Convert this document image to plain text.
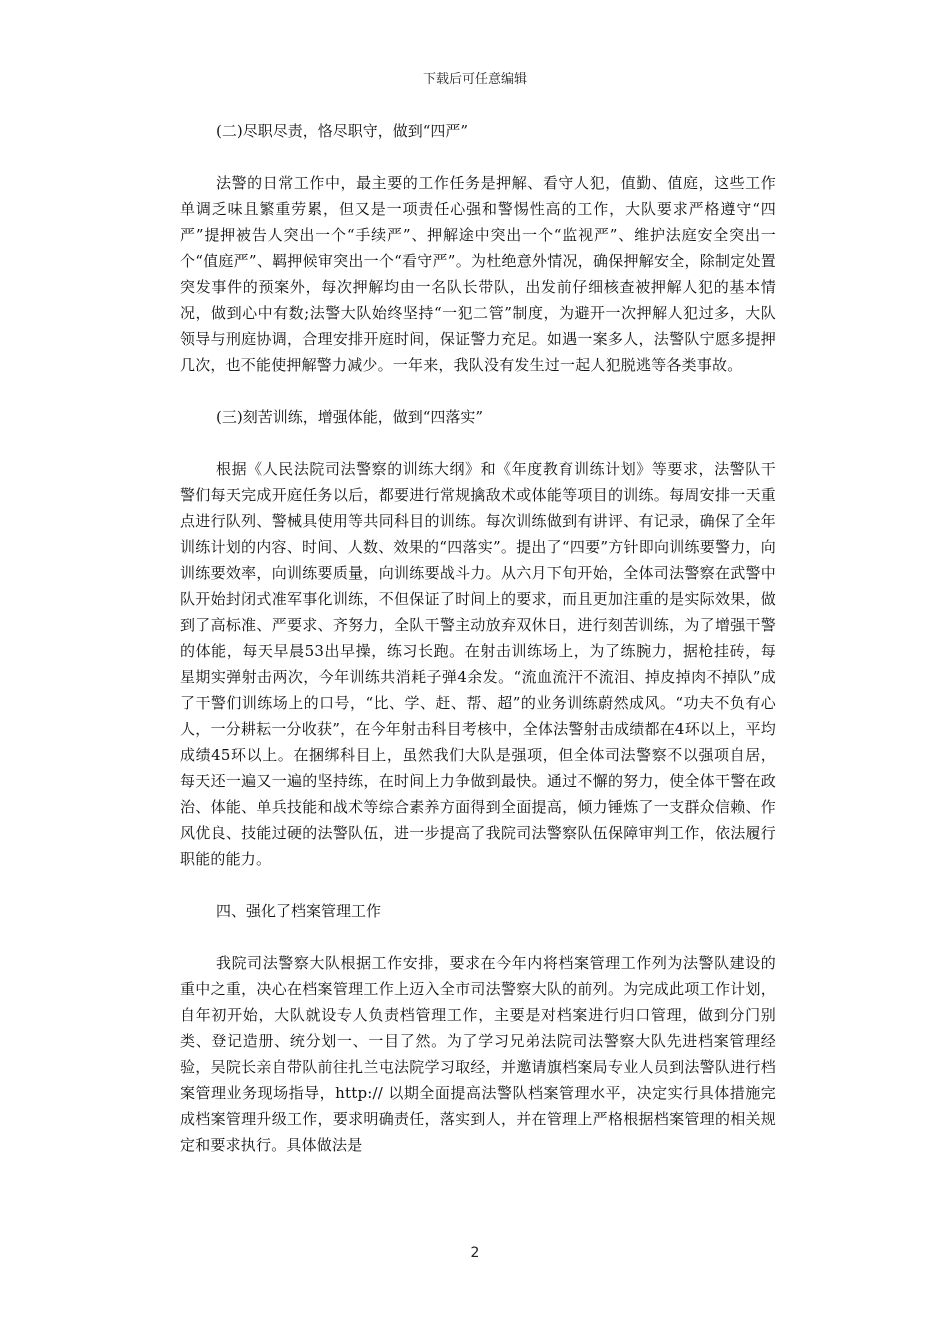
下载后可任意编辑
(二)尽职尽责，恪尽职守，做到“四严”
法警的日常工作中，最主要的工作任务是押解、看守人犯，值勤、值庭，这些工作单调乏味且繁重劳累，但又是一项责任心强和警惕性高的工作，大队要求严格遵守“四严”提押被告人突出一个“手续严”、押解途中突出一个“监视严”、维护法庭安全突出一个“值庭严”、羁押候审突出一个“看守严”。为杜绝意外情况，确保押解安全，除制定处置突发事件的预案外，每次押解均由一名队长带队，出发前仔细核查被押解人犯的基本情况，做到心中有数;法警大队始终坚持“一犯二管”制度，为避开一次押解人犯过多，大队领导与刑庭协调，合理安排开庭时间，保证警力充足。如遇一案多人，法警队宁愿多提押几次，也不能使押解警力减少。一年来，我队没有发生过一起人犯脱逃等各类事故。
(三)刻苦训练，增强体能，做到“四落实”
根据《人民法院司法警察的训练大纲》和《年度教育训练计划》等要求，法警队干警们每天完成开庭任务以后，都要进行常规擒敌术或体能等项目的训练。每周安排一天重点进行队列、警械具使用等共同科目的训练。每次训练做到有讲评、有记录，确保了全年训练计划的内容、时间、人数、效果的“四落实”。提出了“四要”方针即向训练要警力，向训练要效率，向训练要质量，向训练要战斗力。从六月下旬开始，全体司法警察在武警中队开始封闭式准军事化训练，不但保证了时间上的要求，而且更加注重的是实际效果，做到了高标准、严要求、齐努力，全队干警主动放弃双休日，进行刻苦训练，为了增强干警的体能，每天早晨53出早操，练习长跑。在射击训练场上，为了练腕力，据枪挂砖，每星期实弹射击两次，今年训练共消耗子弹4余发。“流血流汗不流泪、掉皮掉肉不掉队”成了干警们训练场上的口号，“比、学、赶、帮、超”的业务训练蔚然成风。“功夫不负有心人，一分耕耘一分收获”，在今年射击科目考核中，全体法警射击成绩都在4环以上，平均成绩45环以上。在捆绑科目上，虽然我们大队是强项，但全体司法警察不以强项自居，每天还一遍又一遍的坚持练，在时间上力争做到最快。通过不懈的努力，使全体干警在政治、体能、单兵技能和战术等综合素养方面得到全面提高，倾力锤炼了一支群众信赖、作风优良、技能过硬的法警队伍，进一步提高了我院司法警察队伍保障审判工作，依法履行职能的能力。
四、强化了档案管理工作
我院司法警察大队根据工作安排，要求在今年内将档案管理工作列为法警队建设的重中之重，决心在档案管理工作上迈入全市司法警察大队的前列。为完成此项工作计划，自年初开始，大队就设专人负责档管理工作，主要是对档案进行归口管理，做到分门别类、登记造册、统分划一、一目了然。为了学习兄弟法院司法警察大队先进档案管理经验，吴院长亲自带队前往扎兰屯法院学习取经，并邀请旗档案局专业人员到法警队进行档案管理业务现场指导，http:// 以期全面提高法警队档案管理水平，决定实行具体措施完成档案管理升级工作，要求明确责任，落实到人，并在管理上严格根据档案管理的相关规定和要求执行。具体做法是
2
